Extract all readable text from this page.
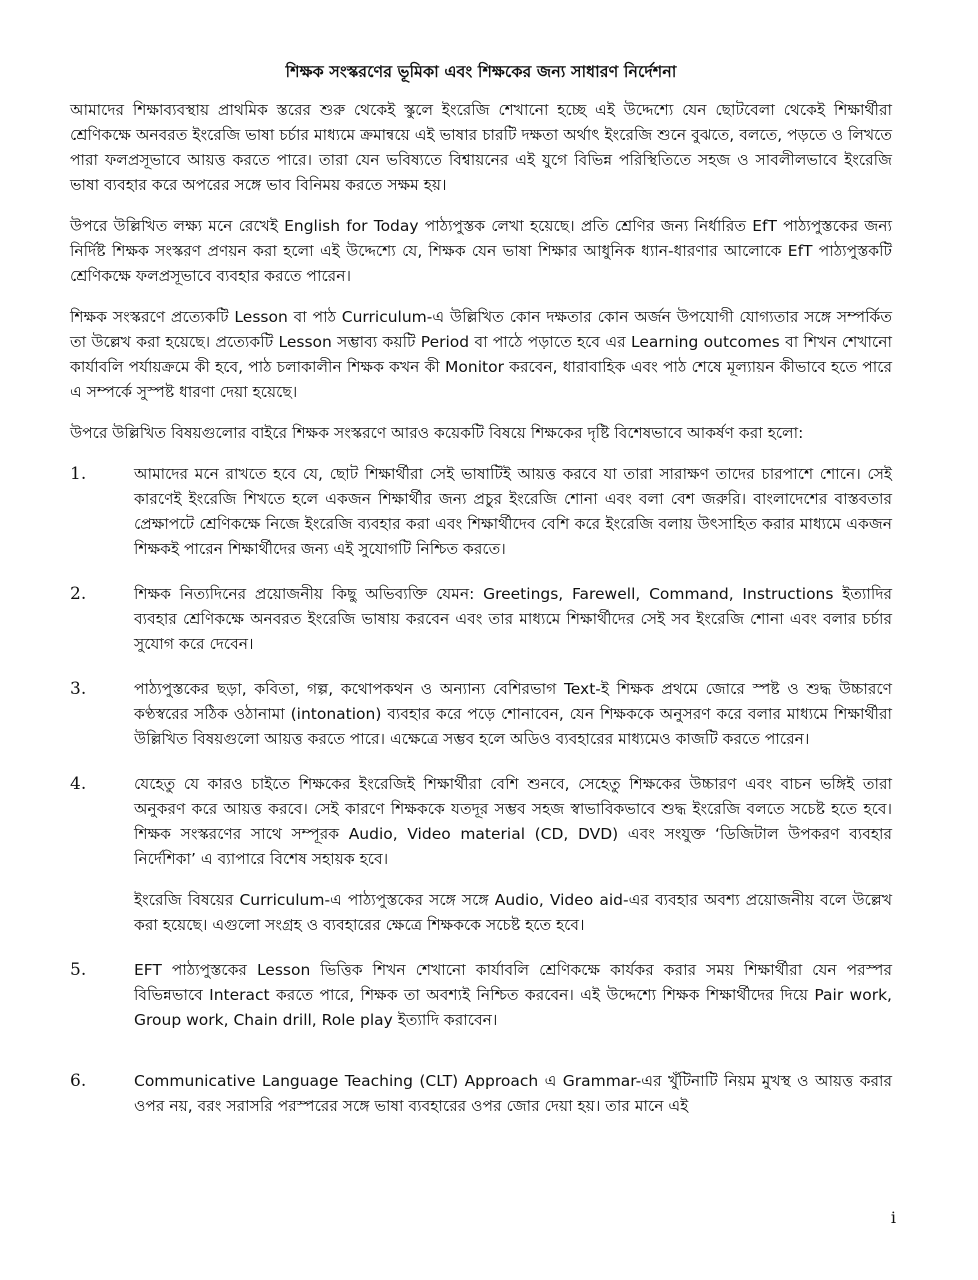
শিক্ষক সংস্করণের ভূমিকা এবং শিক্ষকের জন্য সাধারণ নির্দেশনা

আমাদের শিক্ষাব্যবস্থায় প্রাথমিক স্তরের শুরু থেকেই স্কুলে ইংরেজি শেখানো হচ্ছে এই উদ্দেশ্যে যেন ছোটবেলা থেকেই শিক্ষার্থীরা শ্রেণিকক্ষে অনবরত ইংরেজি ভাষা চর্চার মাধ্যমে ক্রমান্বয়ে এই ভাষার চারটি দক্ষতা অর্থাৎ ইংরেজি শুনে বুঝতে, বলতে, পড়তে ও লিখতে পারা ফলপ্রসূভাবে আয়ত্ত করতে পারে। তারা যেন ভবিষ্যতে বিশ্বায়নের এই যুগে বিভিন্ন পরিস্থিতিতে সহজ ও সাবলীলভাবে ইংরেজি ভাষা ব্যবহার করে অপরের সঙ্গে ভাব বিনিময় করতে সক্ষম হয়।

উপরে উল্লিখিত লক্ষ্য মনে রেখেই English for Today পাঠ্যপুস্তক লেখা হয়েছে। প্রতি শ্রেণির জন্য নির্ধারিত EfT পাঠ্যপুস্তকের জন্য নির্দিষ্ট শিক্ষক সংস্করণ প্রণয়ন করা হলো এই উদ্দেশ্যে যে, শিক্ষক যেন ভাষা শিক্ষার আধুনিক ধ্যান-ধারণার আলোকে EfT পাঠ্যপুস্তকটি শ্রেণিকক্ষে ফলপ্রসূভাবে ব্যবহার করতে পারেন।

শিক্ষক সংস্করণে প্রত্যেকটি Lesson বা পাঠ Curriculum-এ উল্লিখিত কোন দক্ষতার কোন অর্জন উপযোগী যোগ্যতার সঙ্গে সম্পর্কিত তা উল্লেখ করা হয়েছে। প্রত্যেকটি Lesson সম্ভাব্য কয়টি Period বা পাঠে পড়াতে হবে এর Learning outcomes বা শিখন শেখানো কার্যাবলি পর্যায়ক্রমে কী হবে, পাঠ চলাকালীন শিক্ষক কখন কী Monitor করবেন, ধারাবাহিক এবং পাঠ শেষে মূল্যায়ন কীভাবে হতে পারে এ সম্পর্কে সুস্পষ্ট ধারণা দেয়া হয়েছে।

উপরে উল্লিখিত বিষয়গুলোর বাইরে শিক্ষক সংস্করণে আরও কয়েকটি বিষয়ে শিক্ষকের দৃষ্টি বিশেষভাবে আকর্ষণ করা হলো:

1.	আমাদের মনে রাখতে হবে যে, ছোট শিক্ষার্থীরা সেই ভাষাটিই আয়ত্ত করবে যা তারা সারাক্ষণ তাদের চারপাশে শোনে। সেই কারণেই ইংরেজি শিখতে হলে একজন শিক্ষার্থীর জন্য প্রচুর ইংরেজি শোনা এবং বলা বেশ জরুরি। বাংলাদেশের বাস্তবতার প্রেক্ষাপটে শ্রেণিকক্ষে নিজে ইংরেজি ব্যবহার করা এবং শিক্ষার্থীদেব বেশি করে ইংরেজি বলায় উৎসাহিত করার মাধ্যমে একজন শিক্ষকই পারেন শিক্ষার্থীদের জন্য এই সুযোগটি নিশ্চিত করতে।

2.	শিক্ষক নিত্যদিনের প্রয়োজনীয় কিছু অভিব্যক্তি যেমন: Greetings, Farewell, Command, Instructions ইত্যাদির ব্যবহার শ্রেণিকক্ষে অনবরত ইংরেজি ভাষায় করবেন এবং তার মাধ্যমে শিক্ষার্থীদের সেই সব ইংরেজি শোনা এবং বলার চর্চার সুযোগ করে দেবেন।

3.	পাঠ্যপুস্তকের ছড়া, কবিতা, গল্প, কথোপকথন ও অন্যান্য বেশিরভাগ Text-ই শিক্ষক প্রথমে জোরে স্পষ্ট ও শুদ্ধ উচ্চারণে কণ্ঠস্বরের সঠিক ওঠানামা (intonation) ব্যবহার করে পড়ে শোনাবেন, যেন শিক্ষককে অনুসরণ করে বলার মাধ্যমে শিক্ষার্থীরা উল্লিখিত বিষয়গুলো আয়ত্ত করতে পারে। এক্ষেত্রে সম্ভব হলে অডিও ব্যবহারের মাধ্যমেও কাজটি করতে পারেন।

4.	যেহেতু যে কারও চাইতে শিক্ষকের ইংরেজিই শিক্ষার্থীরা বেশি শুনবে, সেহেতু শিক্ষকের উচ্চারণ এবং বাচন ভঙ্গিই তারা অনুকরণ করে আয়ত্ত করবে। সেই কারণে শিক্ষককে যতদূর সম্ভব সহজ স্বাভাবিকভাবে শুদ্ধ ইংরেজি বলতে সচেষ্ট হতে হবে। শিক্ষক সংস্করণের সাথে সম্পূরক Audio, Video material (CD, DVD) এবং সংযুক্ত ‘ডিজিটাল উপকরণ ব্যবহার নির্দেশিকা’ এ ব্যাপারে বিশেষ সহায়ক হবে।

ইংরেজি বিষয়ের Curriculum-এ পাঠ্যপুস্তকের সঙ্গে সঙ্গে Audio, Video aid-এর ব্যবহার অবশ্য প্রয়োজনীয় বলে উল্লেখ করা হয়েছে। এগুলো সংগ্রহ ও ব্যবহারের ক্ষেত্রে শিক্ষককে সচেষ্ট হতে হবে।

5.	EFT পাঠ্যপুস্তকের Lesson ভিত্তিক শিখন শেখানো কার্যাবলি শ্রেণিকক্ষে কার্যকর করার সময় শিক্ষার্থীরা যেন পরস্পর বিভিন্নভাবে Interact করতে পারে, শিক্ষক তা অবশ্যই নিশ্চিত করবেন। এই উদ্দেশ্যে শিক্ষক শিক্ষার্থীদের দিয়ে Pair work, Group work, Chain drill, Role play ইত্যাদি করাবেন।

6.	Communicative Language Teaching (CLT) Approach এ Grammar-এর খুঁটিনাটি নিয়ম মুখস্থ ও আয়ত্ত করার ওপর নয়, বরং সরাসরি পরস্পরের সঙ্গে ভাষা ব্যবহারের ওপর জোর দেয়া হয়। তার মানে এই

i
